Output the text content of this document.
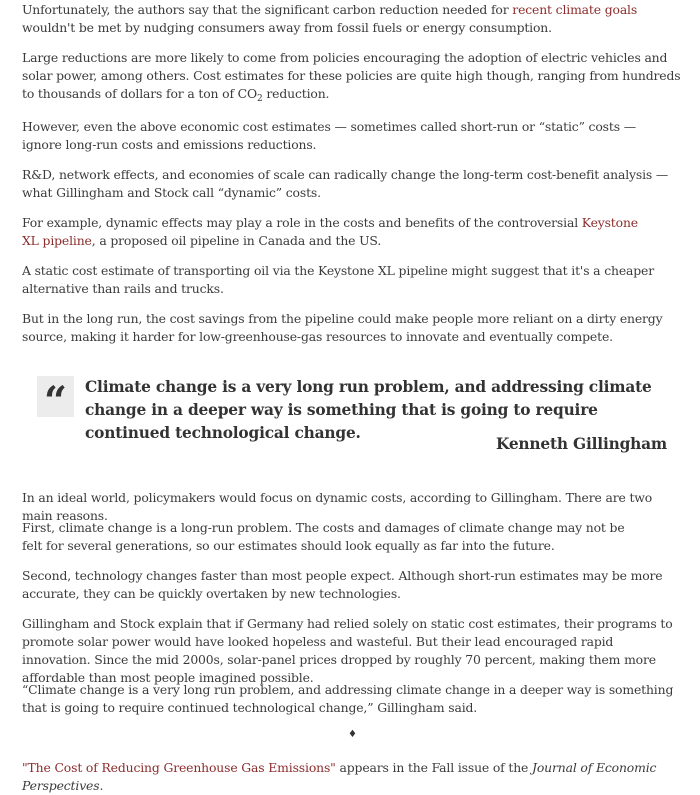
Unfortunately, the authors say that the significant carbon reduction needed for recent climate goals wouldn't be met by nudging consumers away from fossil fuels or energy consumption.

Large reductions are more likely to come from policies encouraging the adoption of electric vehicles and solar power, among others. Cost estimates for these policies are quite high though, ranging from hundreds to thousands of dollars for a ton of $CO_2$ reduction.

However, even the above economic cost estimates — sometimes called short-run or “static” costs — ignore long-run costs and emissions reductions.

R&D, network effects, and economies of scale can radically change the long-term cost-benefit analysis — what Gillingham and Stock call “dynamic” costs.

For example, dynamic effects may play a role in the costs and benefits of the controversial Keystone XL pipeline, a proposed oil pipeline in Canada and the US.

A static cost estimate of transporting oil via the Keystone XL pipeline might suggest that it's a cheaper alternative than rails and trucks.

But in the long run, the cost savings from the pipeline could make people more reliant on a dirty energy source, making it harder for low-greenhouse-gas resources to innovate and eventually compete.

In an ideal world, policymakers would focus on dynamic costs, according to Gillingham. There are two main reasons.

First, climate change is a long-run problem. The costs and damages of climate change may not be felt for several generations, so our estimates should look equally as far into the future.

Second, technology changes faster than most people expect. Although short-run estimates may be more accurate, they can be quickly overtaken by new technologies.

Gillingham and Stock explain that if Germany had relied solely on static cost estimates, their programs to promote solar power would have looked hopeless and wasteful. But their lead encouraged rapid innovation. Since the mid 2000s, solar-panel prices dropped by roughly 70 percent, making them more affordable than most people imagined possible.

“Climate change is a very long run problem, and addressing climate change in a deeper way is something that is going to require continued technological change,” Gillingham said.

"The Cost of Reducing Greenhouse Gas Emissions" appears in the Fall issue of the Journal of Economic Perspectives.

“	Climate change is a very long run problem, and addressing climate change in a deeper way is something that is going to require continued technological change.
Kenneth Gillingham
♦
